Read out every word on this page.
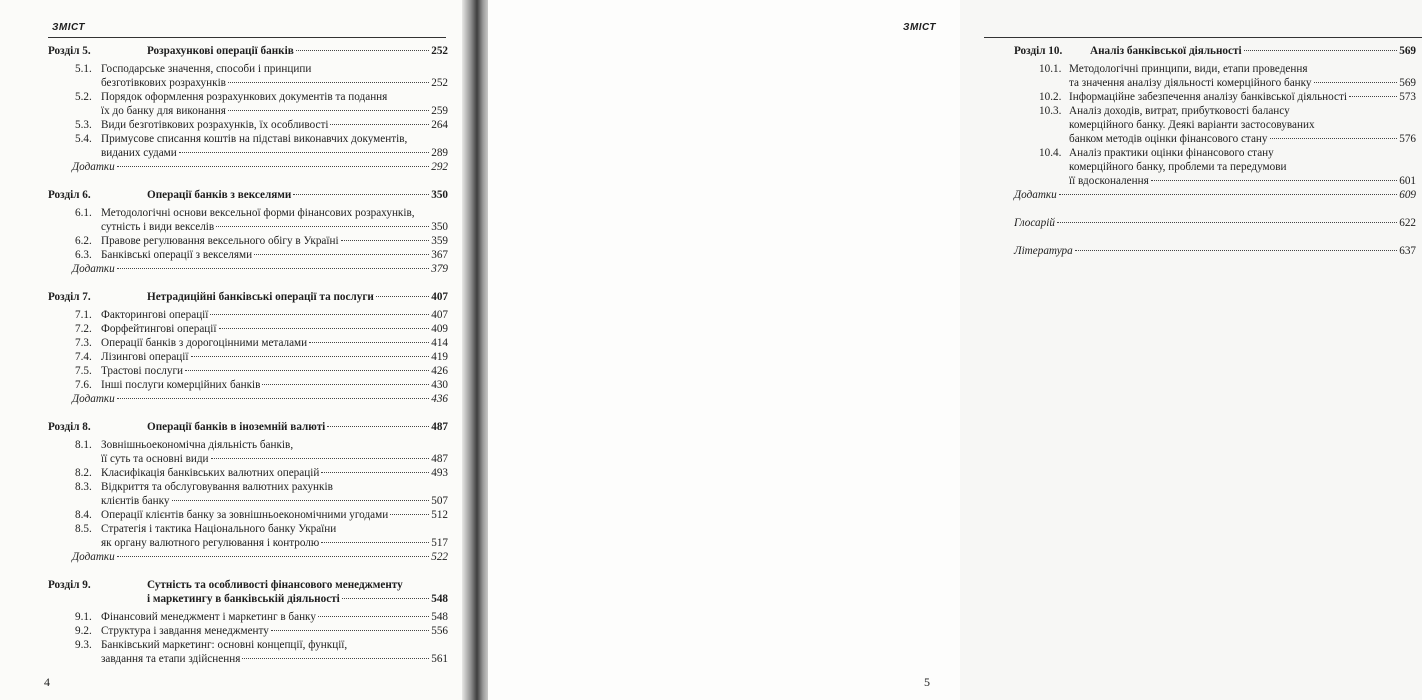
ЗМІСТ
Розділ 5.	Розрахункові операції банків	252
5.1. Господарське значення, способи і принципи
безготівкових розрахунків	252
5.2. Порядок оформлення розрахункових документів та подання
їх до банку для виконання	259
5.3. Види безготівкових розрахунків, їх особливості	264
5.4. Примусове списання коштів на підставі виконавчих документів,
виданих судами	289
Додатки	292
Розділ 6.	Операції банків з векселями	350
6.1. Методологічні основи вексельної форми фінансових розрахунків,
сутність і види векселів	350
6.2. Правове регулювання вексельного обігу в Україні	359
6.3. Банківські операції з векселями	367
Додатки	379
Розділ 7.	Нетрадиційні банківські операції та послуги	407
7.1. Факторингові операції	407
7.2. Форфейтингові операції	409
7.3. Операції банків з дорогоцінними металами	414
7.4. Лізингові операції	419
7.5. Трастові послуги	426
7.6. Інші послуги комерційних банків	430
Додатки	436
Розділ 8.	Операції банків в іноземній валюті	487
8.1. Зовнішньоекономічна діяльність банків,
її суть та основні види	487
8.2. Класифікація банківських валютних операцій	493
8.3. Відкриття та обслуговування валютних рахунків
клієнтів банку	507
8.4. Операції клієнтів банку за зовнішньоекономічними угодами	512
8.5. Стратегія і тактика Національного банку України
як органу валютного регулювання і контролю	517
Додатки	522
Розділ 9.	Сутність та особливості фінансового менеджменту
і маркетингу в банківській діяльності	548
9.1. Фінансовий менеджмент і маркетинг в банку	548
9.2. Структура і завдання менеджменту	556
9.3. Банківський маркетинг: основні концепції, функції,
завдання та етапи здійснення	561
4
ЗМІСТ
Розділ 10.	Аналіз банківської діяльності	569
10.1. Методологічні принципи, види, етапи проведення
та значення аналізу діяльності комерційного банку	569
10.2. Інформаційне забезпечення аналізу банківської діяльності	573
10.3. Аналіз доходів, витрат, прибутковості балансу
комерційного банку. Деякі варіанти застосовуваних
банком методів оцінки фінансового стану	576
10.4. Аналіз практики оцінки фінансового стану
комерційного банку, проблеми та передумови
її вдосконалення	601
Додатки	609
Глосарій	622
Література	637
5
